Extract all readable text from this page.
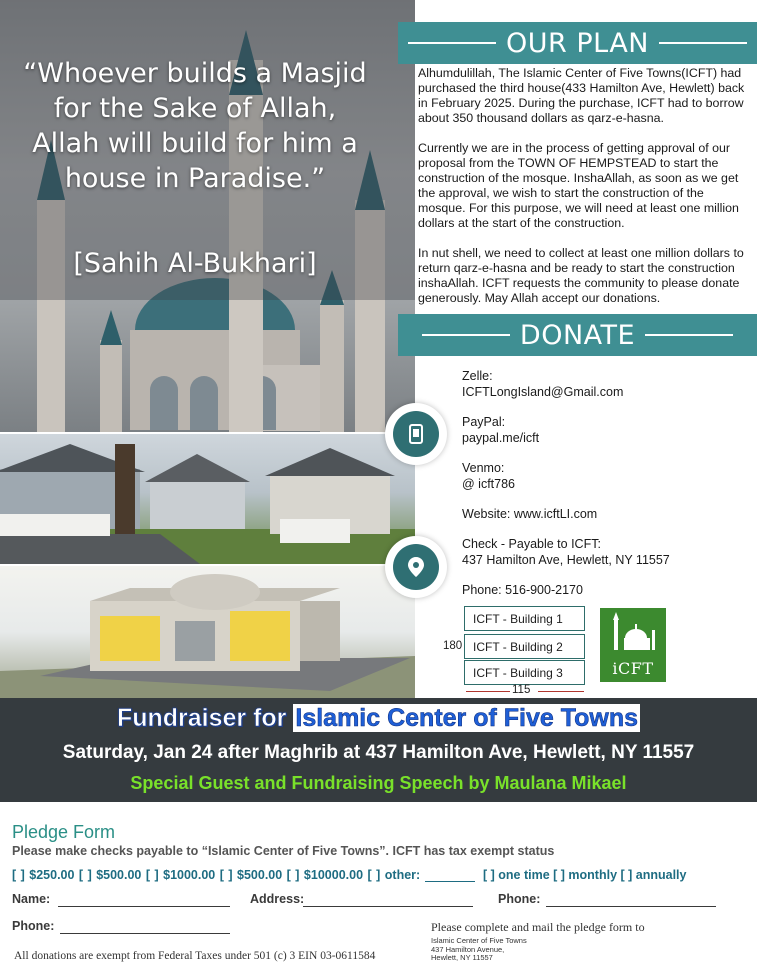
“Whoever builds a Masjid for the Sake of Allah, Allah will build for him a house in Paradise.”
[Sahih Al-Bukhari]
OUR PLAN

Alhumdulillah, The Islamic Center of Five Towns(ICFT) had purchased the third house(433 Hamilton Ave, Hewlett) back in February 2025. During the purchase, ICFT had to borrow about 350 thousand dollars as qarz-e-hasna.

Currently we are in the process of getting approval of our proposal from the TOWN OF HEMPSTEAD to start the construction of the mosque. InshaAllah, as soon as we get the approval, we wish to start the construction of the mosque. For this purpose, we will need at least one million dollars at the start of the construction.

In nut shell, we need to collect at least one million dollars to return qarz-e-hasna and be ready to start the construction inshaAllah. ICFT requests the community to please donate generously. May Allah accept our donations.

DONATE
Zelle:
ICFTLongIsland@Gmail.com
PayPal:
paypal.me/icft
Venmo:
@ icft786
Website: www.icftLI.com
Check - Payable to ICFT:
437 Hamilton Ave, Hewlett, NY 11557
Phone: 516-900-2170
ICFT - Building 1
ICFT - Building 2
ICFT - Building 3
180
115
iCFT
Fundraiser for Islamic Center of Five Towns
Saturday, Jan 24 after Maghrib at 437 Hamilton Ave, Hewlett, NY 11557
Special Guest and Fundraising Speech by Maulana Mikael
Pledge Form
Please make checks payable to “Islamic Center of Five Towns”. ICFT has tax exempt status
[ ] $250.00 [ ] $500.00 [ ] $1000.00 [ ] $500.00 [ ] $10000.00 [ ] other:	[ ] one time [ ] monthly [ ] annually
Name:	Address:	Phone:
Phone:	Please complete and mail the pledge form to
Islamic Center of Five Towns
437 Hamilton Avenue,
Hewlett, NY 11557
All donations are exempt from Federal Taxes under 501 (c) 3 EIN 03-0611584
